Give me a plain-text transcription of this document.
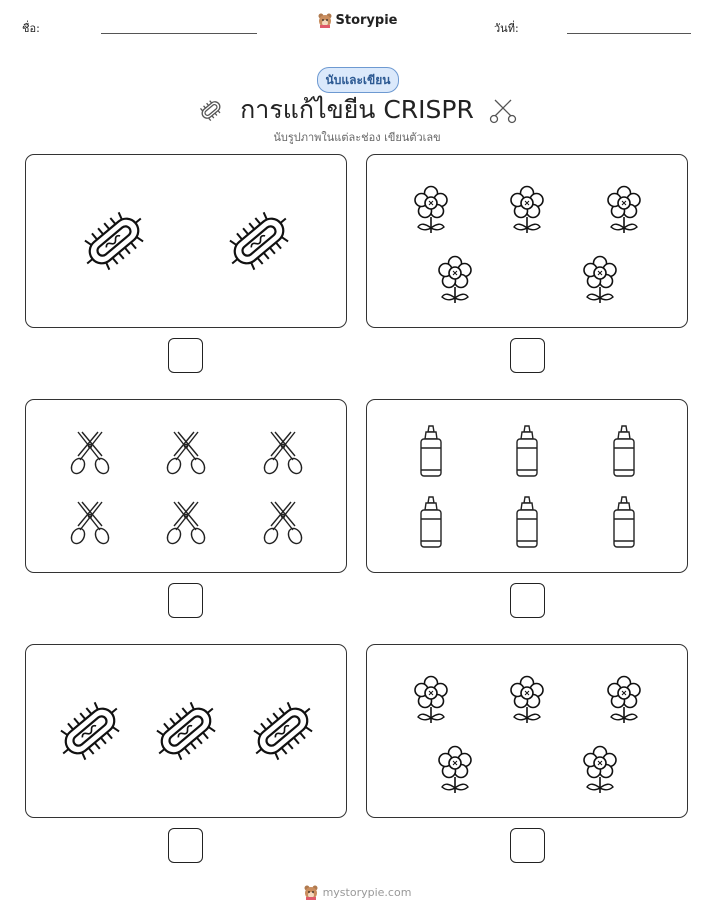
ชื่อ:
Storypie
วันที่:
นับและเขียน
การแก้ไขยีน CRISPR
นับรูปภาพในแต่ละช่อง เขียนตัวเลข
mystorypie.com
